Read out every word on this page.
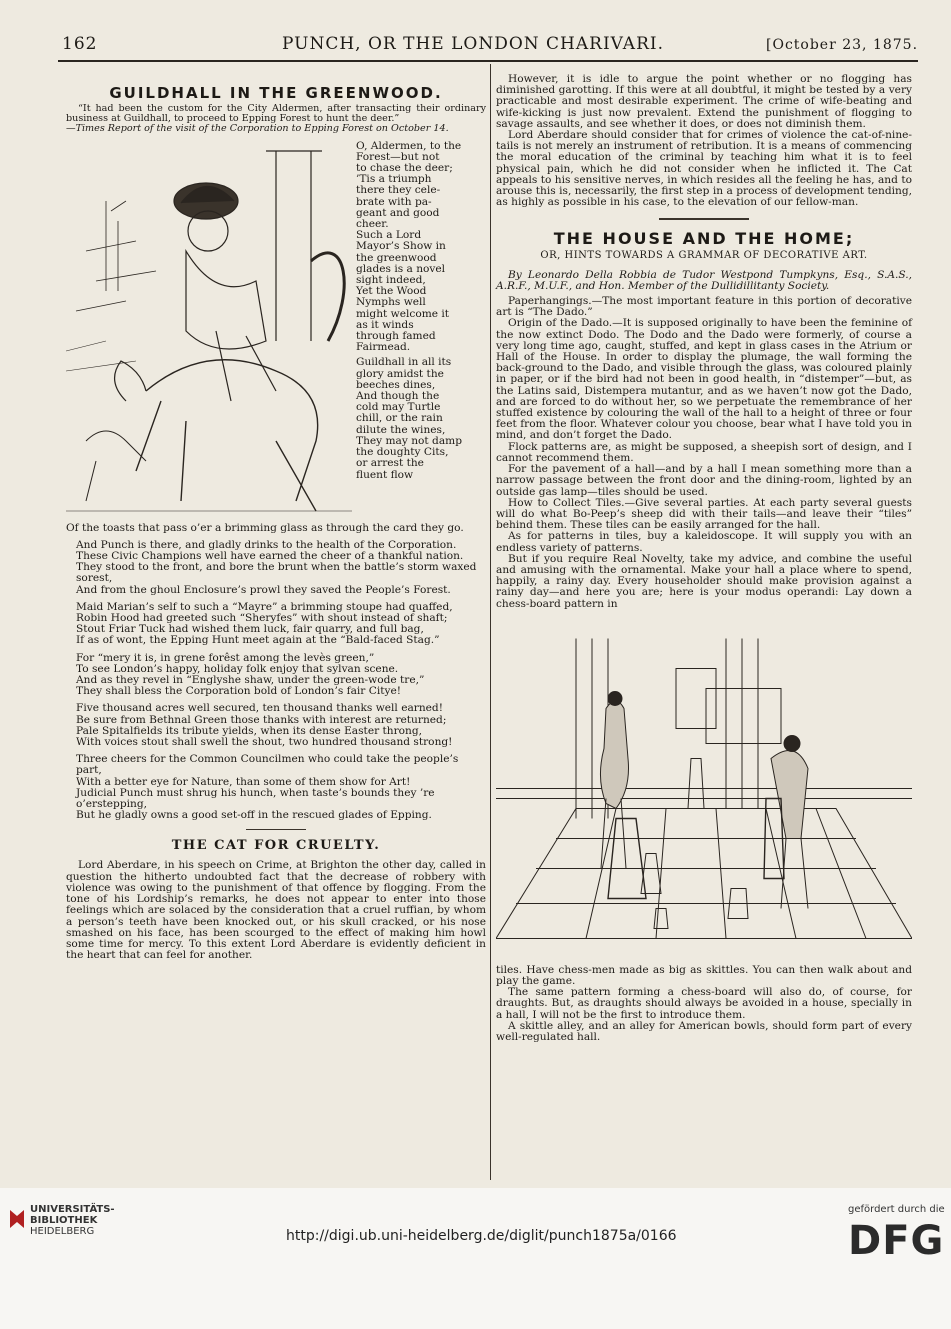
162	PUNCH, OR THE LONDON CHARIVARI.	[October 23, 1875.
GUILDHALL IN THE GREENWOOD.
“It had been the custom for the City Aldermen, after transacting their ordinary business at Guildhall, to proceed to Epping Forest to hunt the deer.”
—Times Report of the visit of the Corporation to Epping Forest on October 14.

O, Aldermen, to the

Forest—but not

to chase the deer;

’Tis a triumph

there they cele-

brate with pa-

geant and good

cheer.

Such a Lord

Mayor’s Show in

the greenwood

glades is a novel

sight indeed,

Yet the Wood

Nymphs well

might welcome it

as it winds

through famed

Fairmead.

Guildhall in all its

glory amidst the

beeches dines,

And though the

cold may Turtle

chill, or the rain

dilute the wines,

They may not damp

the doughty Cits,

or arrest the

fluent flow

Of the toasts that pass o’er a brimming glass as through the card they go.

And Punch is there, and gladly drinks to the health of the Corporation.

These Civic Champions well have earned the cheer of a thankful nation.

They stood to the front, and bore the brunt when the battle’s storm waxed sorest,

And from the ghoul Enclosure’s prowl they saved the People’s Forest.

Maid Marian’s self to such a “Mayre” a brimming stoupe had quaffed,

Robin Hood had greeted such “Sheryfes” with shout instead of shaft;

Stout Friar Tuck had wished them luck, fair quarry, and full bag,

If as of wont, the Epping Hunt meet again at the “Bald-faced Stag.”

For “mery it is, in grene forêst among the levès green,”

To see London’s happy, holiday folk enjoy that sylvan scene.

And as they revel in “Englyshe shaw, under the green-wode tre,”

They shall bless the Corporation bold of London’s fair Citye!

Five thousand acres well secured, ten thousand thanks well earned!

Be sure from Bethnal Green those thanks with interest are returned;

Pale Spitalfields its tribute yields, when its dense Easter throng,

With voices stout shall swell the shout, two hundred thousand strong!

Three cheers for the Common Councilmen who could take the people’s part,

With a better eye for Nature, than some of them show for Art!

Judicial Punch must shrug his hunch, when taste’s bounds they ’re o’erstepping,

But he gladly owns a good set-off in the rescued glades of Epping.

THE CAT FOR CRUELTY.

Lord Aberdare, in his speech on Crime, at Brighton the other day, called in question the hitherto undoubted fact that the decrease of robbery with violence was owing to the punishment of that offence by flogging. From the tone of his Lordship’s remarks, he does not appear to enter into those feelings which are solaced by the consideration that a cruel ruffian, by whom a person’s teeth have been knocked out, or his skull cracked, or his nose smashed on his face, has been scourged to the effect of making him howl some time for mercy. To this extent Lord Aberdare is evidently deficient in the heart that can feel for another.

However, it is idle to argue the point whether or no flogging has diminished garotting. If this were at all doubtful, it might be tested by a very practicable and most desirable experiment. The crime of wife-beating and wife-kicking is just now prevalent. Extend the punishment of flogging to savage assaults, and see whether it does, or does not diminish them.

Lord Aberdare should consider that for crimes of violence the cat-of-nine-tails is not merely an instrument of retribution. It is a means of commencing the moral education of the criminal by teaching him what it is to feel physical pain, which he did not consider when he inflicted it. The Cat appeals to his sensitive nerves, in which resides all the feeling he has, and to arouse this is, necessarily, the first step in a process of development tending, as highly as possible in his case, to the elevation of our fellow-man.

THE HOUSE AND THE HOME;
OR, HINTS TOWARDS A GRAMMAR OF DECORATIVE ART.

By Leonardo Della Robbia de Tudor Westpond Tumpkyns, Esq., S.A.S., A.R.F., M.U.F., and Hon. Member of the Dullidillitanty Society.

Paperhangings.—The most important feature in this portion of decorative art is “The Dado.”

Origin of the Dado.—It is supposed originally to have been the feminine of the now extinct Dodo. The Dodo and the Dado were formerly, of course a very long time ago, caught, stuffed, and kept in glass cases in the Atrium or Hall of the House. In order to display the plumage, the wall forming the back-ground to the Dado, and visible through the glass, was coloured plainly in paper, or if the bird had not been in good health, in “distemper”—but, as the Latins said, Distempera mutantur, and as we haven’t now got the Dado, and are forced to do without her, so we perpetuate the remembrance of her stuffed existence by colouring the wall of the hall to a height of three or four feet from the floor. Whatever colour you choose, bear what I have told you in mind, and don’t forget the Dado.

Flock patterns are, as might be supposed, a sheepish sort of design, and I cannot recommend them.

For the pavement of a hall—and by a hall I mean something more than a narrow passage between the front door and the dining-room, lighted by an outside gas lamp—tiles should be used.

How to Collect Tiles.—Give several parties. At each party several guests will do what Bo-Peep’s sheep did with their tails—and leave their “tiles” behind them. These tiles can be easily arranged for the hall.

As for patterns in tiles, buy a kaleidoscope. It will supply you with an endless variety of patterns.

But if you require Real Novelty, take my advice, and combine the useful and amusing with the ornamental. Make your hall a place where to spend, happily, a rainy day. Every householder should make provision against a rainy day—and here you are; here is your modus operandi: Lay down a chess-board pattern in

tiles. Have chess-men made as big as skittles. You can then walk about and play the game.

The same pattern forming a chess-board will also do, of course, for draughts. But, as draughts should always be avoided in a house, specially in a hall, I will not be the first to introduce them.

A skittle alley, and an alley for American bowls, should form part of every well-regulated hall.

UNIVERSITÄTS-
BIBLIOTHEK
HEIDELBERG	http://digi.ub.uni-heidelberg.de/diglit/punch1875a/0166
gefördert durch die
DFG
